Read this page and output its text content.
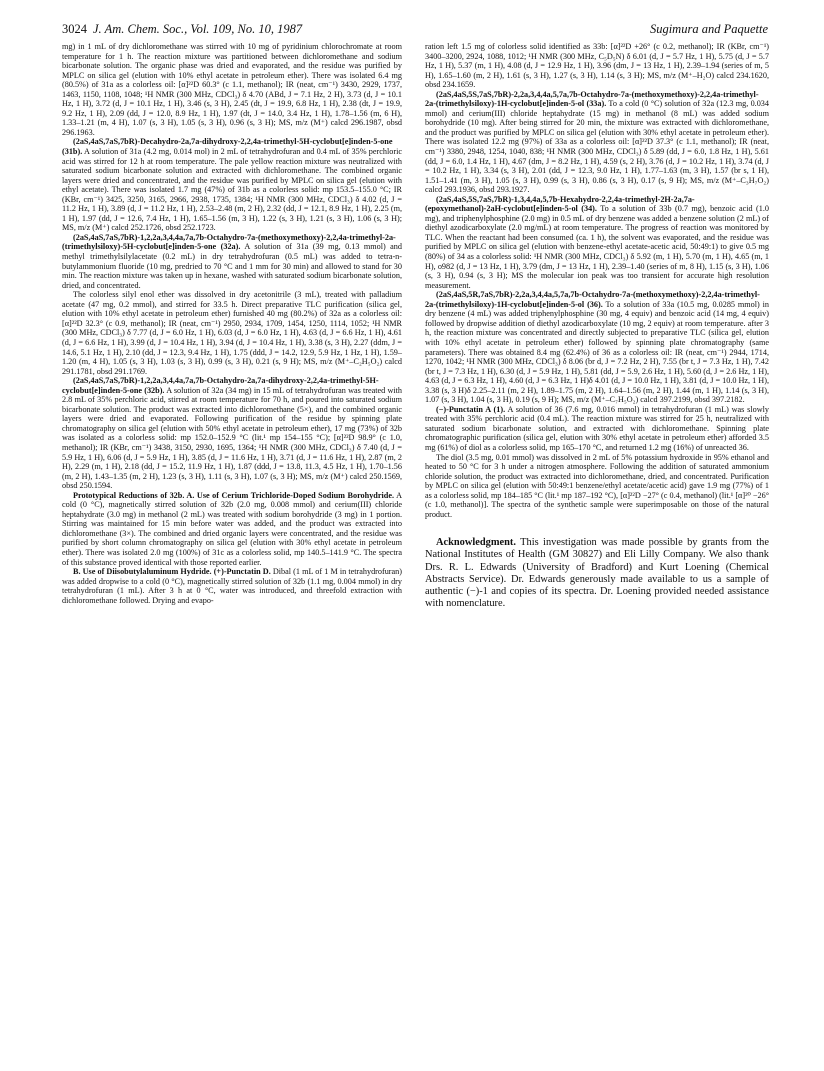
3024 J. Am. Chem. Soc., Vol. 109, No. 10, 1987	Sugimura and Paquette

mg) in 1 mL of dry dichloromethane was stirred with 10 mg of pyridinium chlorochromate at room temperature for 1 h. The reaction mixture was partitioned between dichloromethane and sodium bicarbonate solution. The organic phase was dried and evaporated, and the residue was purified by MPLC on silica gel (elution with 10% ethyl acetate in petroleum ether). There was isolated 6.4 mg (80.5%) of 31a as a colorless oil: [α]²²D 60.3° (c 1.1, methanol); IR (neat, cm⁻¹) 3430, 2929, 1737, 1463, 1150, 1108, 1048; ¹H NMR (300 MHz, CDCl₃) δ 4.70 (ABd, J = 7.1 Hz, 2 H), 3.73 (d, J = 10.1 Hz, 1 H), 3.72 (d, J = 10.1 Hz, 1 H), 3.46 (s, 3 H), 2.45 (dt, J = 19.9, 6.8 Hz, 1 H), 2.38 (dt, J = 19.9, 9.2 Hz, 1 H), 2.09 (dd, J = 12.0, 8.9 Hz, 1 H), 1.97 (dt, J = 14.0, 3.4 Hz, 1 H), 1.78–1.56 (m, 6 H), 1.33–1.21 (m, 4 H), 1.07 (s, 3 H), 1.05 (s, 3 H), 0.96 (s, 3 H); MS, m/z (M⁺) calcd 296.1987, obsd 296.1963.

(2aS,4aS,7aS,7bR)-Decahydro-2a,7a-dihydroxy-2,2,4a-trimethyl-5H-cyclobut[e]inden-5-one (31b). A solution of 31a (4.2 mg, 0.014 mol) in 2 mL of tetrahydrofuran and 0.4 mL of 35% perchloric acid was stirred for 12 h at room temperature. The pale yellow reaction mixture was neutralized with saturated sodium bicarbonate solution and extracted with dichloromethane. The combined organic layers were dried and concentrated, and the residue was purified by MPLC on silica gel (elution with ethyl acetate). There was isolated 1.7 mg (47%) of 31b as a colorless solid: mp 153.5–155.0 °C; IR (KBr, cm⁻¹) 3425, 3250, 3165, 2966, 2938, 1735, 1384; ¹H NMR (300 MHz, CDCl₃) δ 4.02 (d, J = 11.2 Hz, 1 H), 3.89 (d, J = 11.2 Hz, 1 H), 2.53–2.48 (m, 2 H), 2.32 (dd, J = 12.1, 8.9 Hz, 1 H), 2.25 (m, 1 H), 1.97 (dd, J = 12.6, 7.4 Hz, 1 H), 1.65–1.56 (m, 3 H), 1.22 (s, 3 H), 1.21 (s, 3 H), 1.06 (s, 3 H); MS, m/z (M⁺) calcd 252.1726, obsd 252.1723.

(2aS,4aS,7aS,7bR)-1,2,2a,3,4,4a,7a,7b-Octahydro-7a-(methoxymethoxy)-2,2,4a-trimethyl-2a-(trimethylsiloxy)-5H-cyclobut[e]inden-5-one (32a). A solution of 31a (39 mg, 0.13 mmol) and methyl trimethylsilylacetate (0.2 mL) in dry tetrahydrofuran (0.5 mL) was added to tetra-n-butylammonium fluoride (10 mg, predried to 70 °C and 1 mm for 30 min) and allowed to stand for 30 min. The reaction mixture was taken up in hexane, washed with saturated sodium bicarbonate solution, dried, and concentrated.

The colorless silyl enol ether was dissolved in dry acetonitrile (3 mL), treated with palladium acetate (47 mg, 0.2 mmol), and stirred for 33.5 h. Direct preparative TLC purification (silica gel, elution with 10% ethyl acetate in petroleum ether) furnished 40 mg (80.2%) of 32a as a colorless oil: [α]²²D 32.3° (c 0.9, methanol); IR (neat, cm⁻¹) 2950, 2934, 1709, 1454, 1250, 1114, 1052; ¹H NMR (300 MHz, CDCl₃) δ 7.77 (d, J = 6.0 Hz, 1 H), 6.03 (d, J = 6.0 Hz, 1 H), 4.63 (d, J = 6.6 Hz, 1 H), 4.61 (d, J = 6.6 Hz, 1 H), 3.99 (d, J = 10.4 Hz, 1 H), 3.94 (d, J = 10.4 Hz, 1 H), 3.38 (s, 3 H), 2.27 (ddm, J = 14.6, 5.1 Hz, 1 H), 2.10 (dd, J = 12.3, 9.4 Hz, 1 H), 1.75 (ddd, J = 14.2, 12.9, 5.9 Hz, 1 Hz, 1 H), 1.59–1.20 (m, 4 H), 1.05 (s, 3 H), 1.03 (s, 3 H), 0.99 (s, 3 H), 0.21 (s, 9 H); MS, m/z (M⁺–C₂H₅O₂) calcd 291.1781, obsd 291.1769.

(2aS,4aS,7aS,7bR)-1,2,2a,3,4,4a,7a,7b-Octahydro-2a,7a-dihydroxy-2,2,4a-trimethyl-5H-cyclobut[e]inden-5-one (32b). A solution of 32a (34 mg) in 15 mL of tetrahydrofuran was treated with 2.8 mL of 35% perchloric acid, stirred at room temperature for 70 h, and poured into saturated sodium bicarbonate solution. The product was extracted into dichloromethane (5×), and the combined organic layers were dried and evaporated. Following purification of the residue by spinning plate chromatography on silica gel (elution with 50% ethyl acetate in petroleum ether), 17 mg (73%) of 32b was isolated as a colorless solid: mp 152.0–152.9 °C (lit.¹ mp 154–155 °C); [α]²²D 98.9° (c 1.0, methanol); IR (KBr, cm⁻¹) 3438, 3150, 2930, 1695, 1364; ¹H NMR (300 MHz, CDCl₃) δ 7.40 (d, J = 5.9 Hz, 1 H), 6.06 (d, J = 5.9 Hz, 1 H), 3.85 (d, J = 11.6 Hz, 1 H), 3.71 (d, J = 11.6 Hz, 1 H), 2.87 (m, 2 H), 2.29 (m, 1 H), 2.18 (dd, J = 15.2, 11.9 Hz, 1 H), 1.87 (ddd, J = 13.8, 11.3, 4.5 Hz, 1 H), 1.70–1.56 (m, 2 H), 1.43–1.35 (m, 2 H), 1.23 (s, 3 H), 1.11 (s, 3 H), 1.07 (s, 3 H); MS, m/z (M⁺) calcd 250.1569, obsd 250.1594.

Prototypical Reductions of 32b. A. Use of Cerium Trichloride-Doped Sodium Borohydride. A cold (0 °C), magnetically stirred solution of 32b (2.0 mg, 0.008 mmol) and cerium(III) chloride heptahydrate (3.0 mg) in methanol (2 mL) was treated with sodium borohydride (3 mg) in 1 portion. Stirring was maintained for 15 min before water was added, and the product was extracted into dichloromethane (3×). The combined and dried organic layers were concentrated, and the residue was purified by short column chromatography on silica gel (elution with 30% ethyl acetate in petroleum ether). There was isolated 2.0 mg (100%) of 31c as a colorless solid, mp 140.5–141.9 °C. The spectra of this substance proved identical with those reported earlier.

B. Use of Diisobutylaluminum Hydride. (+)-Punctatin D. Dibal (1 mL of 1 M in tetrahydrofuran) was added dropwise to a cold (0 °C), magnetically stirred solution of 32b (1.1 mg, 0.004 mmol) in dry tetrahydrofuran (1 mL). After 3 h at 0 °C, water was introduced, and threefold extraction with dichloromethane followed. Drying and evapo-

ration left 1.5 mg of colorless solid identified as 33b: [α]²²D +26° (c 0.2, methanol); IR (KBr, cm⁻¹) 3400–3200, 2924, 1088, 1012; ¹H NMR (300 MHz, C₅D₅N) δ 6.01 (d, J = 5.7 Hz, 1 H), 5.75 (d, J = 5.7 Hz, 1 H), 5.37 (m, 1 H), 4.08 (d, J = 12.9 Hz, 1 H), 3.96 (dm, J = 13 Hz, 1 H), 2.39–1.94 (series of m, 5 H), 1.65–1.60 (m, 2 H), 1.61 (s, 3 H), 1.27 (s, 3 H), 1.14 (s, 3 H); MS, m/z (M⁺–H₂O) calcd 234.1620, obsd 234.1659.

(2aS,4aS,5S,7aS,7bR)-2,2a,3,4,4a,5,7a,7b-Octahydro-7a-(methoxymethoxy)-2,2,4a-trimethyl-2a-(trimethylsiloxy)-1H-cyclobut[e]inden-5-ol (33a). To a cold (0 °C) solution of 32a (12.3 mg, 0.034 mmol) and cerium(III) chloride heptahydrate (15 mg) in methanol (8 mL) was added sodium borohydride (10 mg). After being stirred for 20 min, the mixture was extracted with dichloromethane, and the product was purified by MPLC on silica gel (elution with 30% ethyl acetate in petroleum ether). There was isolated 12.2 mg (97%) of 33a as a colorless oil: [α]²²D 37.3° (c 1.1, methanol); IR (neat, cm⁻¹) 3380, 2948, 1254, 1040, 838; ¹H NMR (300 MHz, CDCl₃) δ 5.89 (dd, J = 6.0, 1.8 Hz, 1 H), 5.61 (dd, J = 6.0, 1.4 Hz, 1 H), 4.67 (dm, J = 8.2 Hz, 1 H), 4.59 (s, 2 H), 3.76 (d, J = 10.2 Hz, 1 H), 3.74 (d, J = 10.2 Hz, 1 H), 3.34 (s, 3 H), 2.01 (dd, J = 12.3, 9.0 Hz, 1 H), 1.77–1.63 (m, 3 H), 1.57 (br s, 1 H), 1.51–1.41 (m, 3 H), 1.05 (s, 3 H), 0.99 (s, 3 H), 0.86 (s, 3 H), 0.17 (s, 9 H); MS, m/z (M⁺–C₃H₇O₂) calcd 293.1936, obsd 293.1927.

(2aS,4aS,5S,7aS,7bR)-1,3,4,4a,5,7b-Hexahydro-2,2,4a-trimethyl-2H-2a,7a-(epoxymethanol)-2aH-cyclobut[e]inden-5-ol (34). To a solution of 33b (0.7 mg), benzoic acid (1.0 mg), and triphenylphosphine (2.0 mg) in 0.5 mL of dry benzene was added a benzene solution (2 mL) of diethyl azodicarboxylate (2.0 mg/mL) at room temperature. The progress of reaction was monitored by TLC. When the reactant had been consumed (ca. 1 h), the solvent was evaporated, and the residue was purified by MPLC on silica gel (elution with benzene-ethyl acetate-acetic acid, 50:49:1) to give 0.5 mg (80%) of 34 as a colorless solid: ¹H NMR (300 MHz, CDCl₃) δ 5.92 (m, 1 H), 5.70 (m, 1 H), 4.65 (m, 1 H), o982 (d, J = 13 Hz, 1 H), 3.79 (dm, J = 13 Hz, 1 H), 2.39–1.40 (series of m, 8 H), 1.15 (s, 3 H), 1.06 (s, 3 H), 0.94 (s, 3 H); MS the molecular ion peak was too transient for accurate high resolution measurement.

(2aS,4aS,5R,7aS,7bR)-2,2a,3,4,4a,5,7a,7b-Octahydro-7a-(methoxymethoxy)-2,2,4a-trimethyl-2a-(trimethylsiloxy)-1H-cyclobut[e]inden-5-ol (36). To a solution of 33a (10.5 mg, 0.0285 mmol) in dry benzene (4 mL) was added triphenylphosphine (30 mg, 4 equiv) and benzoic acid (14 mg, 4 equiv) followed by dropwise addition of diethyl azodicarboxylate (10 mg, 2 equiv) at room temperature. after 3 h, the reaction mixture was concentrated and directly subjected to preparative TLC (silica gel, elution with 10% ethyl acetate in petroleum ether) followed by spinning plate chromatography (same parameters). There was obtained 8.4 mg (62.4%) of 36 as a colorless oil: IR (neat, cm⁻¹) 2944, 1714, 1270, 1042; ¹H NMR (300 MHz, CDCl₃) δ 8.06 (br d, J = 7.2 Hz, 2 H), 7.55 (br t, J = 7.3 Hz, 1 H), 7.42 (br t, J = 7.3 Hz, 1 H), 6.30 (d, J = 5.9 Hz, 1 H), 5.81 (dd, J = 5.9, 2.6 Hz, 1 H), 5.60 (d, J = 2.6 Hz, 1 H), 4.63 (d, J = 6.3 Hz, 1 H), 4.60 (d, J = 6.3 Hz, 1 H)δ 4.01 (d, J = 10.0 Hz, 1 H), 3.81 (d, J = 10.0 Hz, 1 H), 3.38 (s, 3 H)δ 2.25–2.11 (m, 2 H), 1.89–1.75 (m, 2 H), 1.64–1.56 (m, 2 H), 1.44 (m, 1 H), 1.14 (s, 3 H), 1.07 (s, 3 H), 1.04 (s, 3 H), 0.19 (s, 9 H); MS, m/z (M⁺–C₇H₅O₂) calcd 397.2199, obsd 397.2182.

(−)-Punctatin A (1). A solution of 36 (7.6 mg, 0.016 mmol) in tetrahydrofuran (1 mL) was slowly treated with 35% perchloric acid (0.4 mL). The reaction mixture was stirred for 25 h, neutralized with saturated sodium bicarbonate solution, and extracted with dichloromethane. Spinning plate chromatographic purification (silica gel, elution with 30% ethyl acetate in petroleum ether) afforded 3.5 mg (61%) of diol as a colorless solid, mp 165–170 °C, and returned 1.2 mg (16%) of unreacted 36.

The diol (3.5 mg, 0.01 mmol) was dissolved in 2 mL of 5% potassium hydroxide in 95% ethanol and heated to 50 °C for 3 h under a nitrogen atmosphere. Following the addition of saturated ammonium chloride solution, the product was extracted into dichloromethane, dried, and concentrated. Purification by MPLC on silica gel (elution with 50:49:1 benzene/ethyl acetate/acetic acid) gave 1.9 mg (77%) of 1 as a colorless solid, mp 184–185 °C (lit.¹ mp 187–192 °C), [α]²²D −27° (c 0.4, methanol) (lit.¹ [α]²⁰ −26° (c 1.0, methanol)]. The spectra of the synthetic sample were superimposable on those of the natural product.

Acknowledgment. This investigation was made possible by grants from the National Institutes of Health (GM 30827) and Eli Lilly Company. We also thank Drs. R. L. Edwards (University of Bradford) and Kurt Loening (Chemical Abstracts Service). Dr. Edwards generously made available to us a sample of authentic (−)-1 and copies of its spectra. Dr. Loening provided needed assistance with nomenclature.
